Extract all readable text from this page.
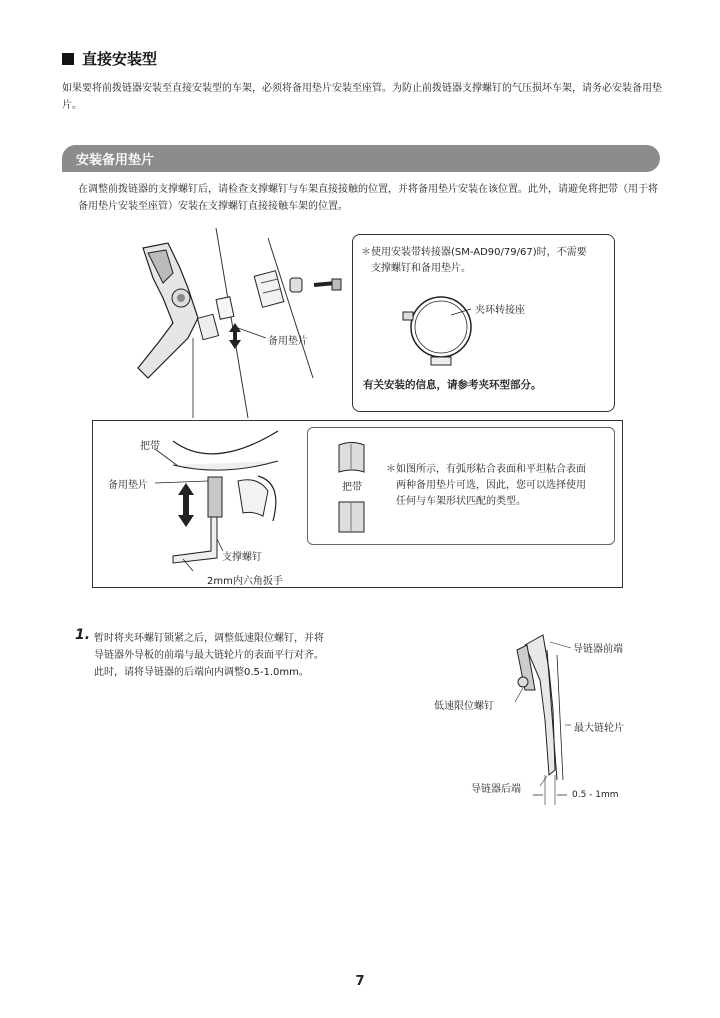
直接安装型
如果要将前拨链器安装至直接安装型的车架，必须将备用垫片安装至座管。为防止前拨链器支撑螺钉的气压损坏车架，请务必安装备用垫片。
安装备用垫片
在调整前拨链器的支撑螺钉后，请检查支撑螺钉与车架直接接触的位置，并将备用垫片安装在该位置。此外，请避免将把带（用于将备用垫片安装至座管）安装在支撑螺钉直接接触车架的位置。
备用垫片
＊使用安装带转接器(SM-AD90/79/67)时，不需要
支撑螺钉和备用垫片。
夹环转接座
有关安装的信息，请参考夹环型部分。
把带
备用垫片
支撑螺钉
2mm内六角扳手
把带
＊如图所示，有弧形粘合表面和平坦粘合表面
两种备用垫片可选，因此，您可以选择使用
任何与车架形状匹配的类型。
1. 暂时将夹环螺钉锁紧之后，调整低速限位螺钉，并将
导链器外导板的前端与最大链轮片的表面平行对齐。
此时，请将导链器的后端向内调整0.5-1.0mm。
导链器前端
低速限位螺钉
最大链轮片
导链器后端	0.5 - 1mm
7
